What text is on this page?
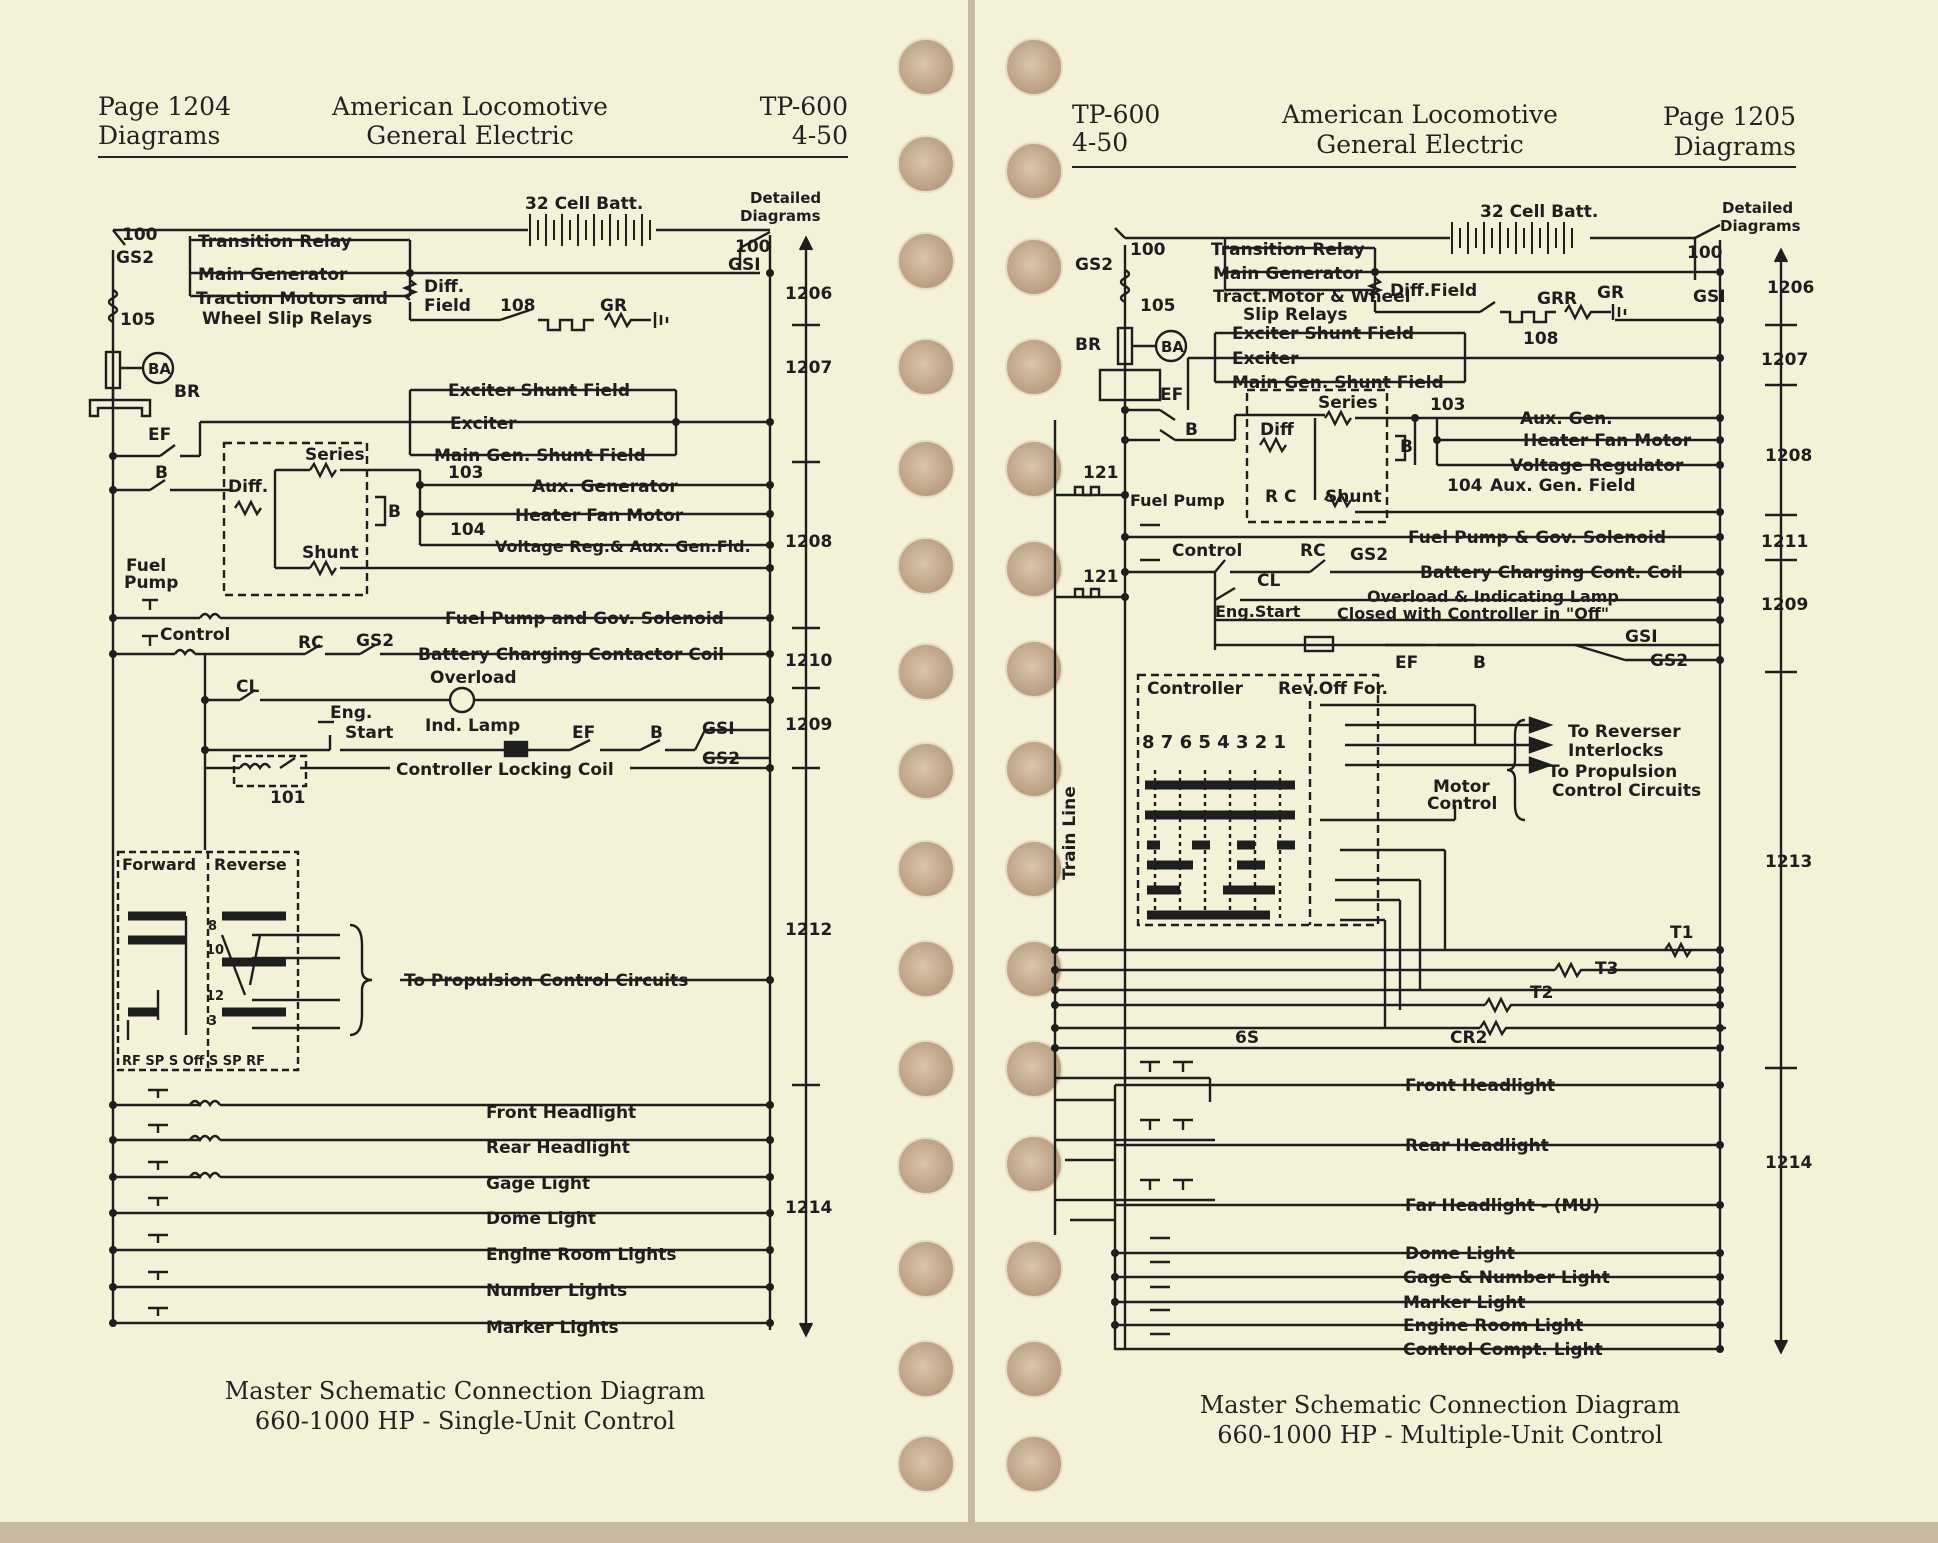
Page 1204
Diagrams
American Locomotive
General Electric
TP-600
4-50
32 Cell Batt.	Detailed
Diagrams
100
GS2
100
GSI
105
Transition Relay
Main Generator
Traction Motors and
Wheel Slip Relays
Diff.
Field 108	GR
BA
BR	Exciter Shunt Field
Exciter
Main Gen. Shunt Field
EF
B
Series
Diff.
Shunt
B
103
Aux. Generator
Heater Fan Motor
104
Voltage Reg.& Aux. Gen.Fld.
Fuel
Pump
Fuel Pump and Gov. Solenoid
Control	RC GS2
Battery Charging Contactor Coil
Overload
CL
Eng.
Start Ind. Lamp	EF	B GSI
GS2
Controller Locking Coil
101
Forward Reverse
RF SP S Off S SP RF
8
10
12
3
To Propulsion Control Circuits
Front Headlight
Rear Headlight
Gage Light
Dome Light
Engine Room Lights
Number Lights
Marker Lights
1206
1207
1208
1210
1209
1212
1214
Master Schematic Connection Diagram
660-1000 HP - Single-Unit Control
TP-600
4-50
American Locomotive
General Electric
Page 1205
Diagrams
32 Cell Batt.	Detailed
Diagrams
100
GS2
100
GSI
105
Transition Relay
Main Generator
Tract.Motor & Wheel
Slip Relays
Diff.Field	GRR GR
108
BR	BA
Exciter Shunt Field
Exciter
Main Gen. Shunt Field
EF
B
Series
Diff
R C Shunt
B
103
Aux. Gen.
Heater Fan Motor
Voltage Regulator
104 Aux. Gen. Field
121
121
Fuel Pump
Fuel Pump & Gov. Solenoid
Control	RC GS2
Battery Charging Cont. Coil
CL
Overload & Indicating Lamp
Closed with Controller in "Off"
Eng.Start
GSI
GS2
EF	B
Controller Rev.Off For.
8 7 6 5 4 3 2 1	To Reverser
Interlocks
To Propulsion
Control Circuits
Motor
Control
Train Line
T1
T3
T2
6S	CR2
Front Headlight
Rear Headlight
Far Headlight - (MU)
Dome Light
Gage & Number Light
Marker Light
Engine Room Light
Control Compt. Light
1206
1207
1208
1211
1209
1213
1214
Master Schematic Connection Diagram
660-1000 HP - Multiple-Unit Control
